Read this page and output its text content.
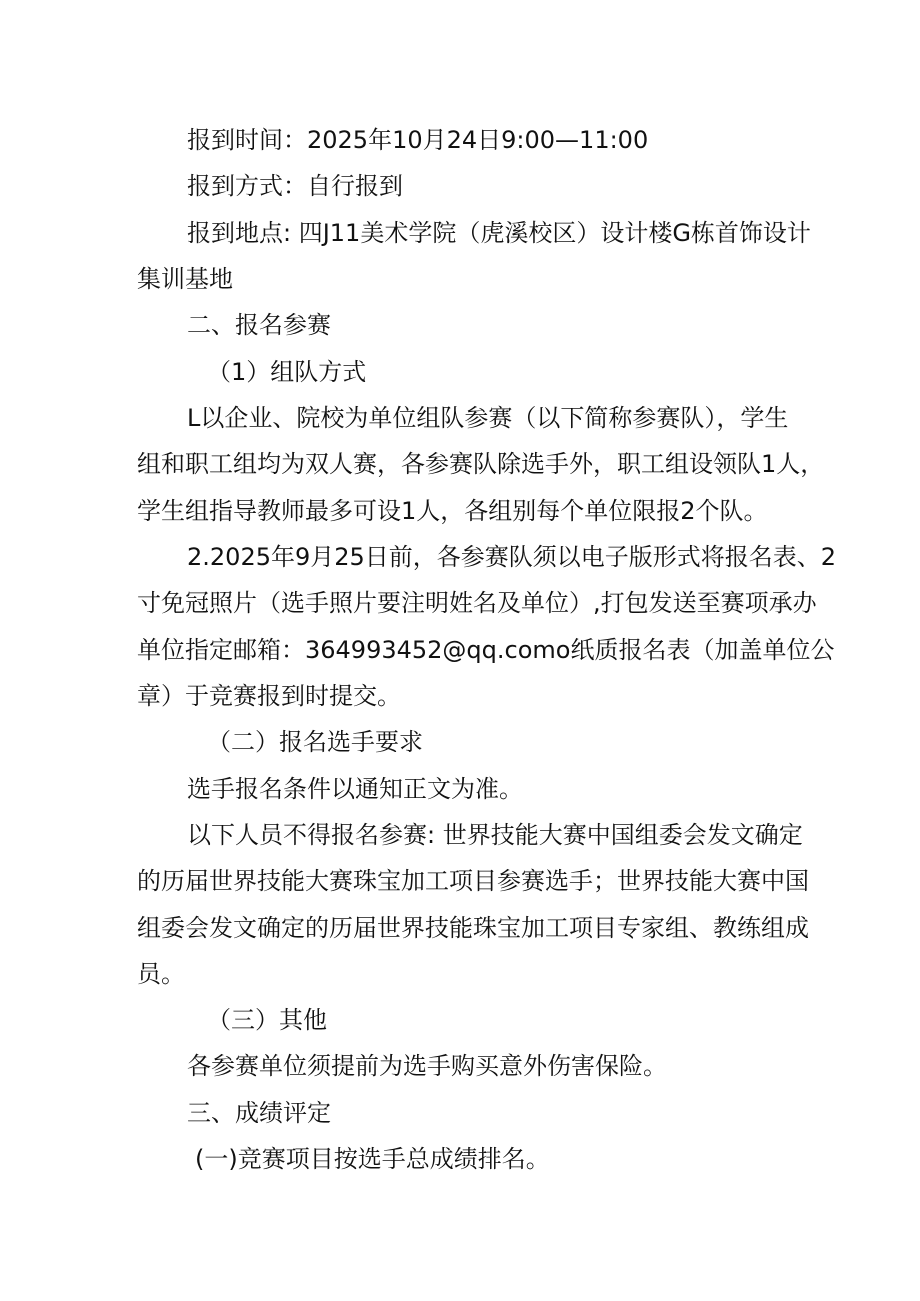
报到时间：2025年10月24日9:00—11:00
报到方式：自行报到
报到地点: 四J11美术学院（虎溪校区）设计楼G栋首饰设计
集训基地
二、报名参赛
（1）组队方式
L以企业、院校为单位组队参赛（以下简称参赛队），学生
组和职工组均为双人赛，各参赛队除选手外，职工组设领队1人，
学生组指导教师最多可设1人，各组别每个单位限报2个队。
2.2025年9月25日前，各参赛队须以电子版形式将报名表、2
寸免冠照片（选手照片要注明姓名及单位）,打包发送至赛项承办
单位指定邮箱：364993452@qq.como纸质报名表（加盖单位公
章）于竞赛报到时提交。
（二）报名选手要求
选手报名条件以通知正文为准。
以下人员不得报名参赛: 世界技能大赛中国组委会发文确定
的历届世界技能大赛珠宝加工项目参赛选手；世界技能大赛中国
组委会发文确定的历届世界技能珠宝加工项目专家组、教练组成
员。
（三）其他
各参赛单位须提前为选手购买意外伤害保险。
三、成绩评定
(一)竞赛项目按选手总成绩排名。
